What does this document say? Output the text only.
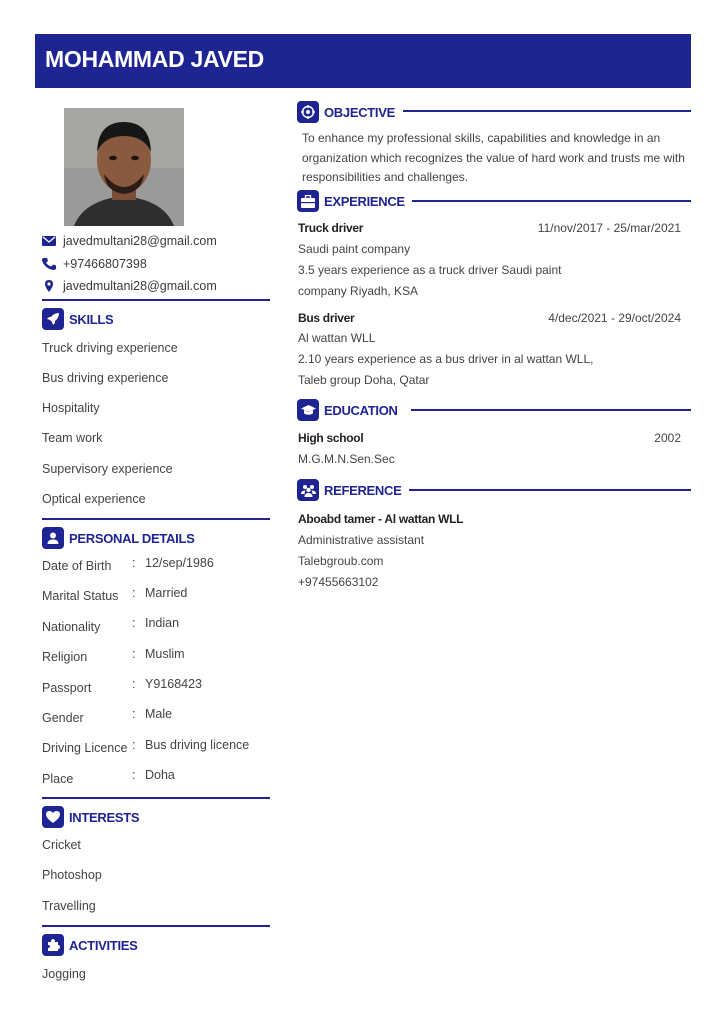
MOHAMMAD JAVED
javedmultani28@gmail.com
+97466807398
javedmultani28@gmail.com
SKILLS
Truck driving experience
Bus driving experience
Hospitality
Team work
Supervisory experience
Optical experience
PERSONAL DETAILS
Date of Birth : 12/sep/1986
Marital Status : Married
Nationality	: Indian
Religion	: Muslim
Passport	: Y9168423
Gender	: Male
Driving Licence : Bus driving licence
Place	: Doha
INTERESTS
Cricket
Photoshop
Travelling
ACTIVITIES
Jogging
OBJECTIVE
To enhance my professional skills, capabilities and knowledge in an organization which recognizes the value of hard work and trusts me with responsibilities and challenges.
EXPERIENCE
Truck driver	11/nov/2017 - 25/mar/2021
Saudi paint company
3.5 years experience as a truck driver Saudi paint
company Riyadh, KSA
Bus driver	4/dec/2021 - 29/oct/2024
Al wattan WLL
2.10 years experience as a bus driver in al wattan WLL,
Taleb group Doha, Qatar
EDUCATION
High school	2002
M.G.M.N.Sen.Sec
REFERENCE
Aboabd tamer - Al wattan WLL
Administrative assistant
Talebgroub.com
+97455663102
